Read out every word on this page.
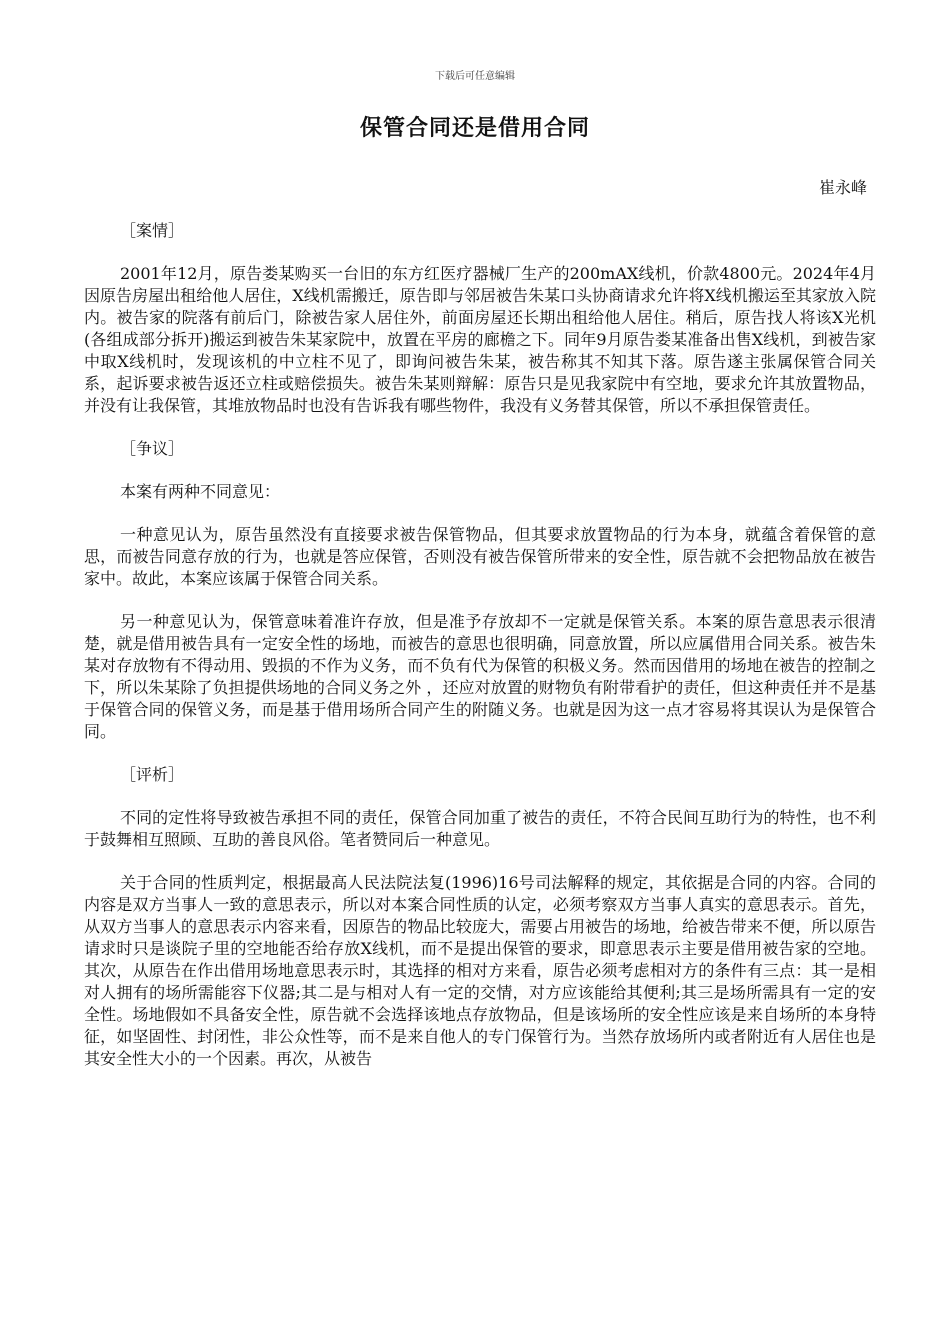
下载后可任意编辑
保管合同还是借用合同
崔永峰

［案情］

2001年12月，原告娄某购买一台旧的东方红医疗器械厂生产的200mAX线机，价款4800元。2024年4月因原告房屋出租给他人居住，X线机需搬迁，原告即与邻居被告朱某口头协商请求允许将X线机搬运至其家放入院内。被告家的院落有前后门，除被告家人居住外，前面房屋还长期出租给他人居住。稍后，原告找人将该X光机(各组成部分拆开)搬运到被告朱某家院中，放置在平房的廊檐之下。同年9月原告娄某准备出售X线机，到被告家中取X线机时，发现该机的中立柱不见了，即询问被告朱某，被告称其不知其下落。原告遂主张属保管合同关系，起诉要求被告返还立柱或赔偿损失。被告朱某则辩解：原告只是见我家院中有空地，要求允许其放置物品，并没有让我保管，其堆放物品时也没有告诉我有哪些物件，我没有义务替其保管，所以不承担保管责任。

［争议］

本案有两种不同意见：

一种意见认为，原告虽然没有直接要求被告保管物品，但其要求放置物品的行为本身，就蕴含着保管的意思，而被告同意存放的行为，也就是答应保管，否则没有被告保管所带来的安全性，原告就不会把物品放在被告家中。故此，本案应该属于保管合同关系。

另一种意见认为，保管意味着准许存放，但是准予存放却不一定就是保管关系。本案的原告意思表示很清楚，就是借用被告具有一定安全性的场地，而被告的意思也很明确，同意放置，所以应属借用合同关系。被告朱某对存放物有不得动用、毁损的不作为义务，而不负有代为保管的积极义务。然而因借用的场地在被告的控制之下，所以朱某除了负担提供场地的合同义务之外 ，还应对放置的财物负有附带看护的责任，但这种责任并不是基于保管合同的保管义务，而是基于借用场所合同产生的附随义务。也就是因为这一点才容易将其误认为是保管合同。

［评析］

不同的定性将导致被告承担不同的责任，保管合同加重了被告的责任，不符合民间互助行为的特性，也不利于鼓舞相互照顾、互助的善良风俗。笔者赞同后一种意见。

关于合同的性质判定，根据最高人民法院法复(1996)16号司法解释的规定，其依据是合同的内容。合同的内容是双方当事人一致的意思表示，所以对本案合同性质的认定，必须考察双方当事人真实的意思表示。首先，从双方当事人的意思表示内容来看，因原告的物品比较庞大，需要占用被告的场地，给被告带来不便，所以原告请求时只是谈院子里的空地能否给存放X线机，而不是提出保管的要求，即意思表示主要是借用被告家的空地。其次，从原告在作出借用场地意思表示时，其选择的相对方来看，原告必须考虑相对方的条件有三点：其一是相对人拥有的场所需能容下仪器;其二是与相对人有一定的交情，对方应该能给其便利;其三是场所需具有一定的安全性。场地假如不具备安全性，原告就不会选择该地点存放物品，但是该场所的安全性应该是来自场所的本身特征，如坚固性、封闭性，非公众性等，而不是来自他人的专门保管行为。当然存放场所内或者附近有人居住也是其安全性大小的一个因素。再次，从被告
